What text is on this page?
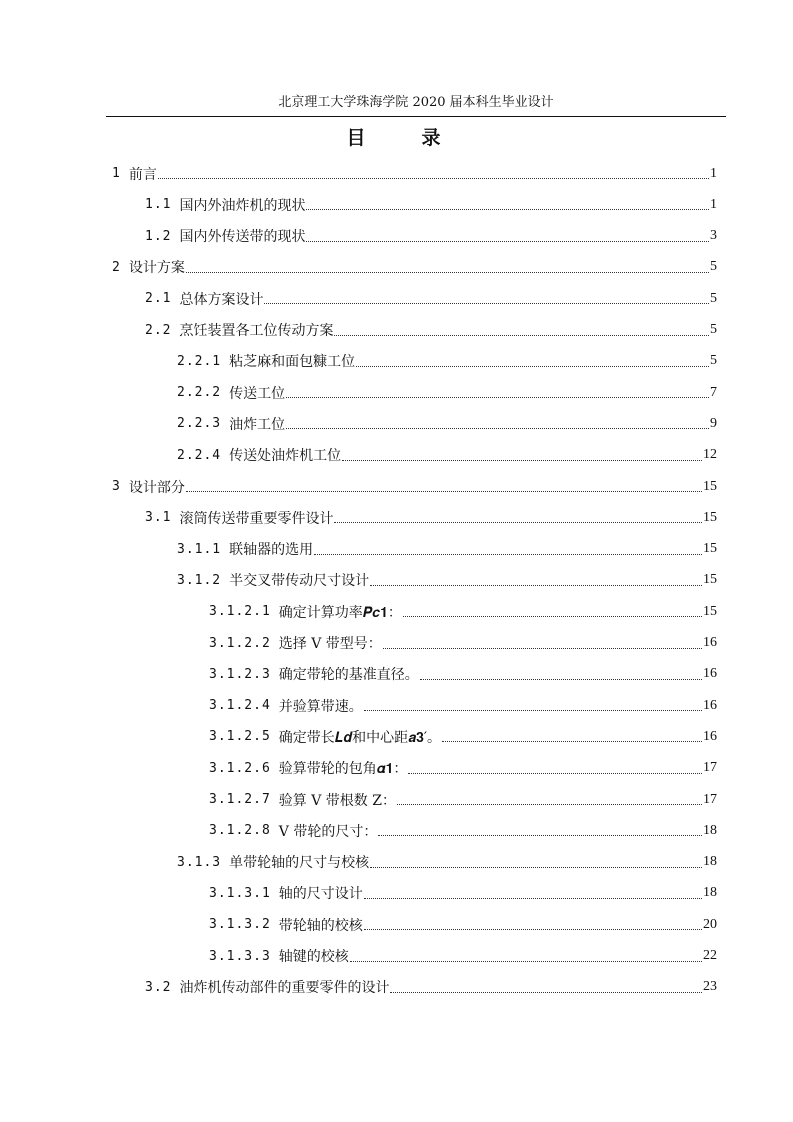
北京理工大学珠海学院 2020 届本科生毕业设计
目　　录
1 前言	1
1.1 国内外油炸机的现状	1
1.2 国内外传送带的现状	3
2 设计方案	5
2.1 总体方案设计	5
2.2 烹饪装置各工位传动方案	5
2.2.1 粘芝麻和面包糠工位	5
2.2.2 传送工位	7
2.2.3 油炸工位	9
2.2.4 传送处油炸机工位	12
3 设计部分	15
3.1 滚筒传送带重要零件设计	15
3.1.1 联轴器的选用	15
3.1.2 半交叉带传动尺寸设计	15
3.1.2.1 确定计算功率𝑷𝒄𝟏：	15
3.1.2.2 选择 V 带型号：	16
3.1.2.3 确定带轮的基准直径。	16
3.1.2.4 并验算带速。	16
3.1.2.5 确定带长𝑳𝒅和中心距𝒂𝟑′。	16
3.1.2.6 验算带轮的包角𝜶𝟏：	17
3.1.2.7 验算 V 带根数 Z：	17
3.1.2.8 V 带轮的尺寸：	18
3.1.3 单带轮轴的尺寸与校核	18
3.1.3.1 轴的尺寸设计	18
3.1.3.2 带轮轴的校核	20
3.1.3.3 轴键的校核	22
3.2 油炸机传动部件的重要零件的设计	23
